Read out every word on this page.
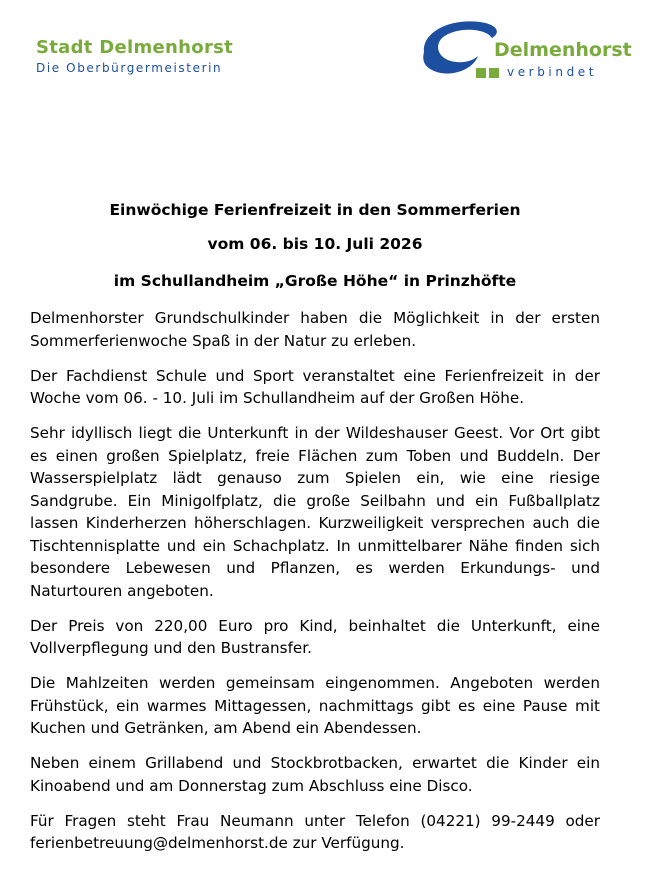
Stadt Delmenhorst
Die Oberbürgermeisterin
Delmenhorst
verbindet
Einwöchige Ferienfreizeit in den Sommerferien
vom 06. bis 10. Juli 2026
im Schullandheim „Große Höhe“ in Prinzhöfte

Delmenhorster Grundschulkinder haben die Möglichkeit in der ersten Sommerferienwoche Spaß in der Natur zu erleben.

Der Fachdienst Schule und Sport veranstaltet eine Ferienfreizeit in der Woche vom 06. - 10. Juli im Schullandheim auf der Großen Höhe.

Sehr idyllisch liegt die Unterkunft in der Wildeshauser Geest. Vor Ort gibt es einen großen Spielplatz, freie Flächen zum Toben und Buddeln. Der Wasserspielplatz lädt genauso zum Spielen ein, wie eine riesige Sandgrube. Ein Minigolfplatz, die große Seilbahn und ein Fußballplatz lassen Kinderherzen höherschlagen. Kurzweiligkeit versprechen auch die Tischtennisplatte und ein Schachplatz. In unmittelbarer Nähe finden sich besondere Lebewesen und Pflanzen, es werden Erkundungs- und Naturtouren angeboten.

Der Preis von 220,00 Euro pro Kind, beinhaltet die Unterkunft, eine Vollverpflegung und den Bustransfer.

Die Mahlzeiten werden gemeinsam eingenommen. Angeboten werden Frühstück, ein warmes Mittagessen, nachmittags gibt es eine Pause mit Kuchen und Getränken, am Abend ein Abendessen.

Neben einem Grillabend und Stockbrotbacken, erwartet die Kinder ein Kinoabend und am Donnerstag zum Abschluss eine Disco.

Für Fragen steht Frau Neumann unter Telefon (04221) 99-2449 oder ferienbetreuung@delmenhorst.de zur Verfügung.
